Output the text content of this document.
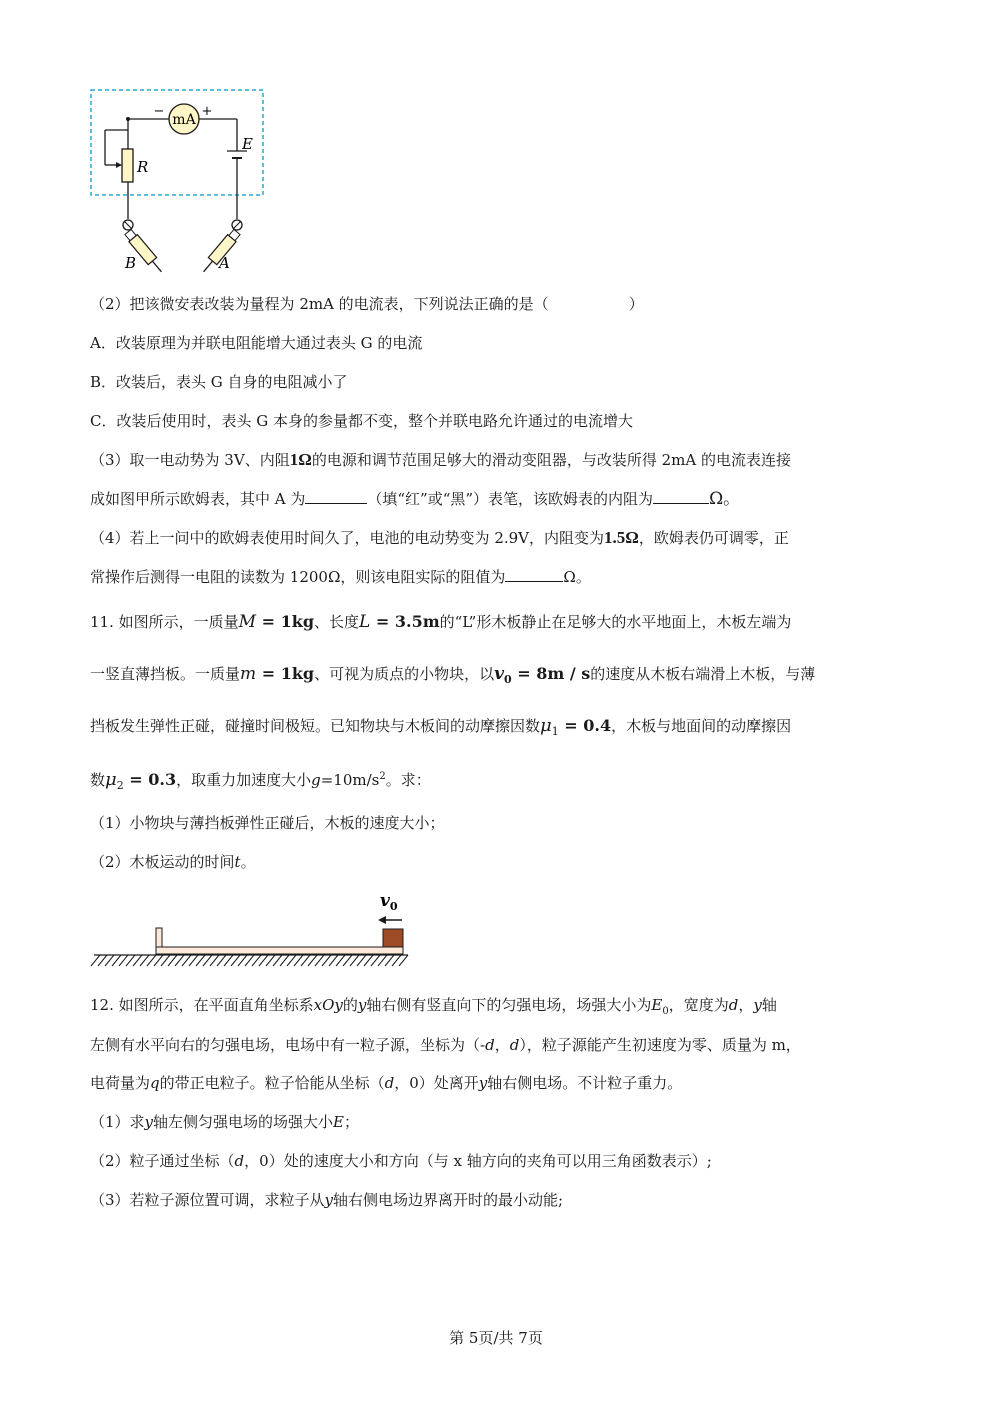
mA
−	+
R
E
B	A
（2）把该微安表改装为量程为 2mA 的电流表，下列说法正确的是（	）
A．改装原理为并联电阻能增大通过表头 G 的电流
B．改装后，表头 G 自身的电阻减小了
C．改装后使用时，表头 G 本身的参量都不变，整个并联电路允许通过的电流增大
（3）取一电动势为 3V、内阻1Ω的电源和调节范围足够大的滑动变阻器，与改装所得 2mA 的电流表连接
成如图甲所示欧姆表，其中 A 为	（填“红”或“黑”）表笔，该欧姆表的内阻为	Ω。
（4）若上一问中的欧姆表使用时间久了，电池的电动势变为 2.9V，内阻变为1.5Ω，欧姆表仍可调零，正
常操作后测得一电阻的读数为 1200Ω，则该电阻实际的阻值为	Ω。
11. 如图所示，一质量M = 1kg、长度L = 3.5m的“L”形木板静止在足够大的水平地面上，木板左端为
一竖直薄挡板。一质量m = 1kg、可视为质点的小物块，以$v_0 = 8m / s$的速度从木板右端滑上木板，与薄
挡板发生弹性正碰，碰撞时间极短。已知物块与木板间的动摩擦因数$\mu_1 = 0.4$，木板与地面间的动摩擦因
数$\mu_2 = 0.3$，取重力加速度大小$g=10m/s^2$。求：
（1）小物块与薄挡板弹性正碰后，木板的速度大小；
（2）木板运动的时间t。
$v_0$
12. 如图所示，在平面直角坐标系xOy的y轴右侧有竖直向下的匀强电场，场强大小为$E_0$，宽度为d，y轴
左侧有水平向右的匀强电场，电场中有一粒子源，坐标为（-d，d），粒子源能产生初速度为零、质量为 m，
电荷量为q的带正电粒子。粒子恰能从坐标（d，0）处离开y轴右侧电场。不计粒子重力。
（1）求y轴左侧匀强电场的场强大小E；
（2）粒子通过坐标（d，0）处的速度大小和方向（与 x 轴方向的夹角可以用三角函数表示）;
（3）若粒子源位置可调，求粒子从y轴右侧电场边界离开时的最小动能;
第 5页/共 7页
